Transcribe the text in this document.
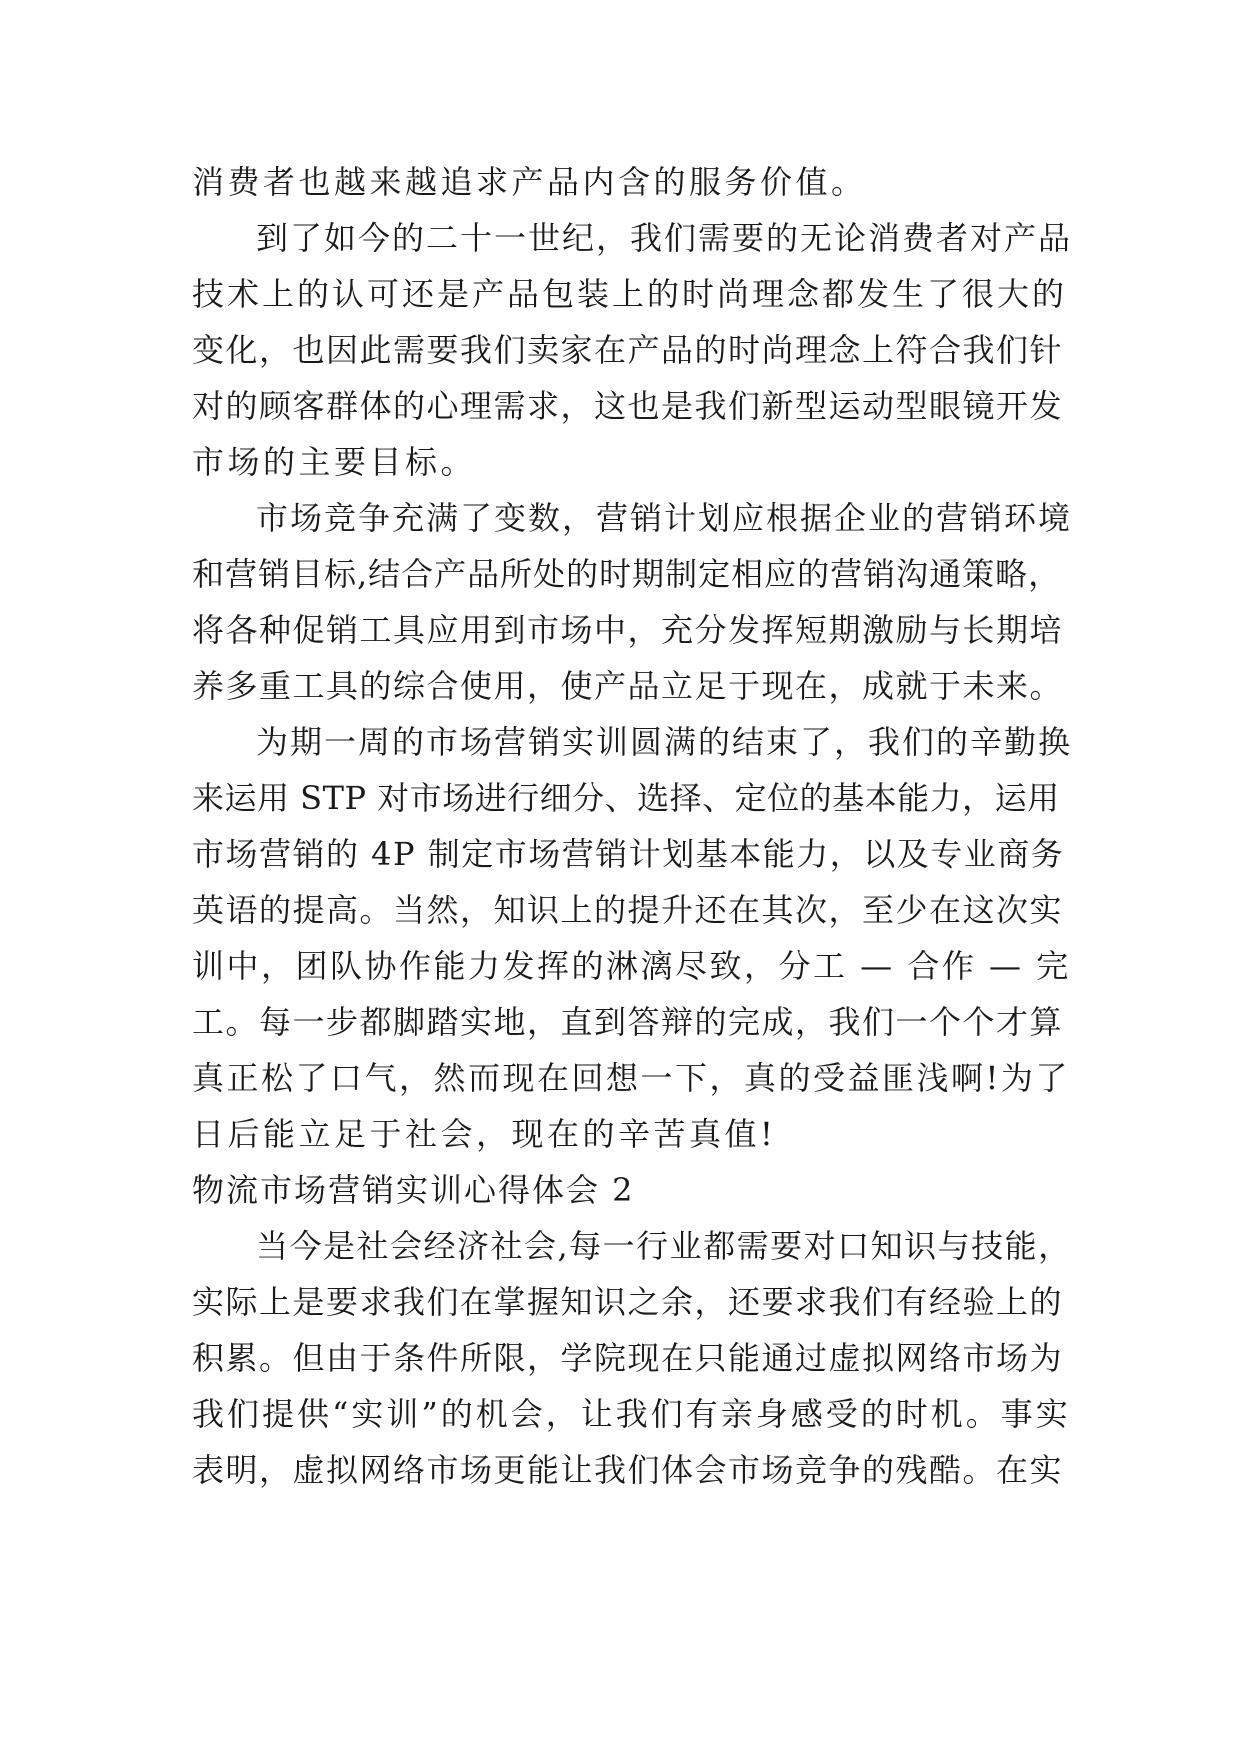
消费者也越来越追求产品内含的服务价值。
到了如今的二十一世纪，我们需要的无论消费者对产品
技术上的认可还是产品包装上的时尚理念都发生了很大的
变化，也因此需要我们卖家在产品的时尚理念上符合我们针
对的顾客群体的心理需求，这也是我们新型运动型眼镜开发
市场的主要目标。
市场竞争充满了变数，营销计划应根据企业的营销环境
和营销目标,结合产品所处的时期制定相应的营销沟通策略，
将各种促销工具应用到市场中，充分发挥短期激励与长期培
养多重工具的综合使用，使产品立足于现在，成就于未来。
为期一周的市场营销实训圆满的结束了，我们的辛勤换
来运用 STP 对市场进行细分、选择、定位的基本能力，运用
市场营销的 4P 制定市场营销计划基本能力，以及专业商务
英语的提高。当然，知识上的提升还在其次，至少在这次实
训中，团队协作能力发挥的淋漓尽致，分工 — 合作 — 完
工。每一步都脚踏实地，直到答辩的完成，我们一个个才算
真正松了口气，然而现在回想一下，真的受益匪浅啊!为了
日后能立足于社会，现在的辛苦真值!
物流市场营销实训心得体会 2
当今是社会经济社会,每一行业都需要对口知识与技能，
实际上是要求我们在掌握知识之余，还要求我们有经验上的
积累。但由于条件所限，学院现在只能通过虚拟网络市场为
我们提供“实训”的机会，让我们有亲身感受的时机。事实
表明，虚拟网络市场更能让我们体会市场竞争的残酷。在实
